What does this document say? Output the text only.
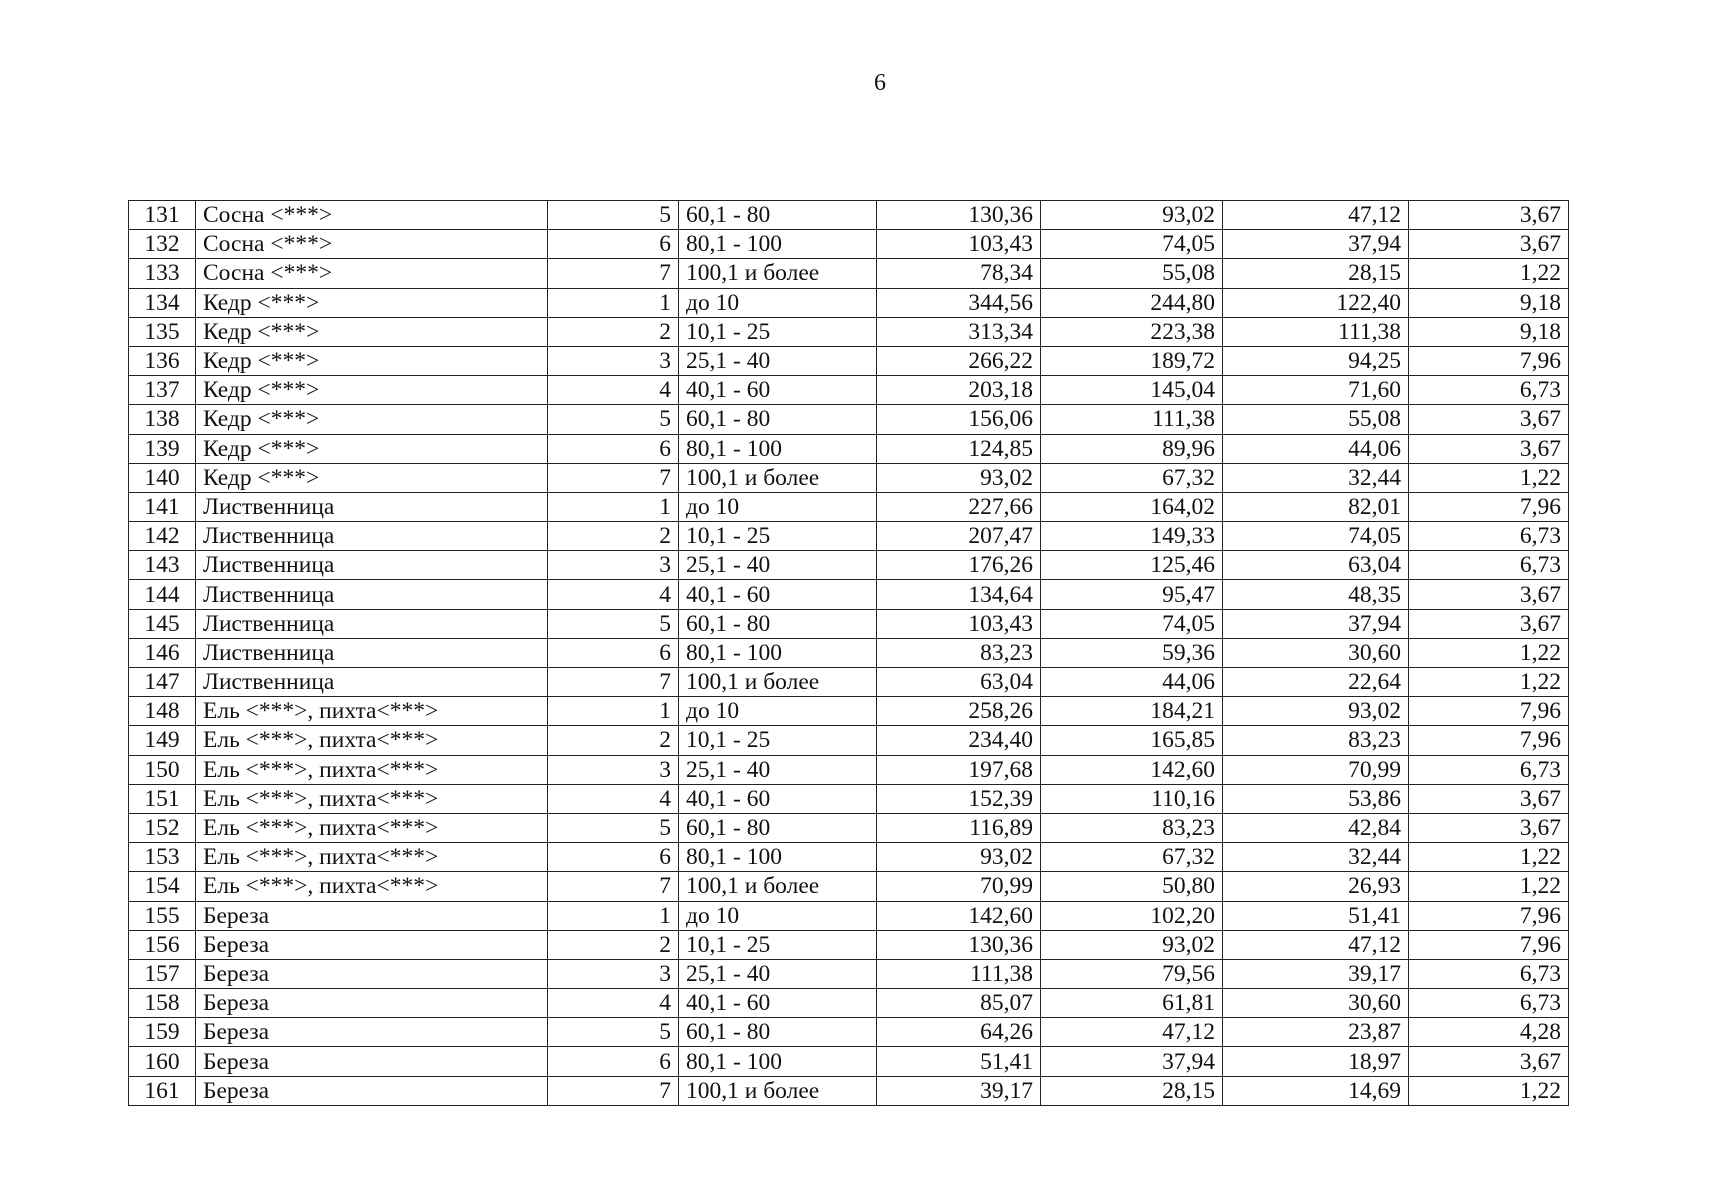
6
131	Сосна <***>	5	60,1 - 80	130,36	93,02	47,12	3,67
132	Сосна <***>	6	80,1 - 100	103,43	74,05	37,94	3,67
133	Сосна <***>	7	100,1 и более	78,34	55,08	28,15	1,22
134	Кедр <***>	1	до 10	344,56	244,80	122,40	9,18
135	Кедр <***>	2	10,1 - 25	313,34	223,38	111,38	9,18
136	Кедр <***>	3	25,1 - 40	266,22	189,72	94,25	7,96
137	Кедр <***>	4	40,1 - 60	203,18	145,04	71,60	6,73
138	Кедр <***>	5	60,1 - 80	156,06	111,38	55,08	3,67
139	Кедр <***>	6	80,1 - 100	124,85	89,96	44,06	3,67
140	Кедр <***>	7	100,1 и более	93,02	67,32	32,44	1,22
141	Лиственница	1	до 10	227,66	164,02	82,01	7,96
142	Лиственница	2	10,1 - 25	207,47	149,33	74,05	6,73
143	Лиственница	3	25,1 - 40	176,26	125,46	63,04	6,73
144	Лиственница	4	40,1 - 60	134,64	95,47	48,35	3,67
145	Лиственница	5	60,1 - 80	103,43	74,05	37,94	3,67
146	Лиственница	6	80,1 - 100	83,23	59,36	30,60	1,22
147	Лиственница	7	100,1 и более	63,04	44,06	22,64	1,22
148	Ель <***>, пихта<***>	1	до 10	258,26	184,21	93,02	7,96
149	Ель <***>, пихта<***>	2	10,1 - 25	234,40	165,85	83,23	7,96
150	Ель <***>, пихта<***>	3	25,1 - 40	197,68	142,60	70,99	6,73
151	Ель <***>, пихта<***>	4	40,1 - 60	152,39	110,16	53,86	3,67
152	Ель <***>, пихта<***>	5	60,1 - 80	116,89	83,23	42,84	3,67
153	Ель <***>, пихта<***>	6	80,1 - 100	93,02	67,32	32,44	1,22
154	Ель <***>, пихта<***>	7	100,1 и более	70,99	50,80	26,93	1,22
155	Береза	1	до 10	142,60	102,20	51,41	7,96
156	Береза	2	10,1 - 25	130,36	93,02	47,12	7,96
157	Береза	3	25,1 - 40	111,38	79,56	39,17	6,73
158	Береза	4	40,1 - 60	85,07	61,81	30,60	6,73
159	Береза	5	60,1 - 80	64,26	47,12	23,87	4,28
160	Береза	6	80,1 - 100	51,41	37,94	18,97	3,67
161	Береза	7	100,1 и более	39,17	28,15	14,69	1,22
